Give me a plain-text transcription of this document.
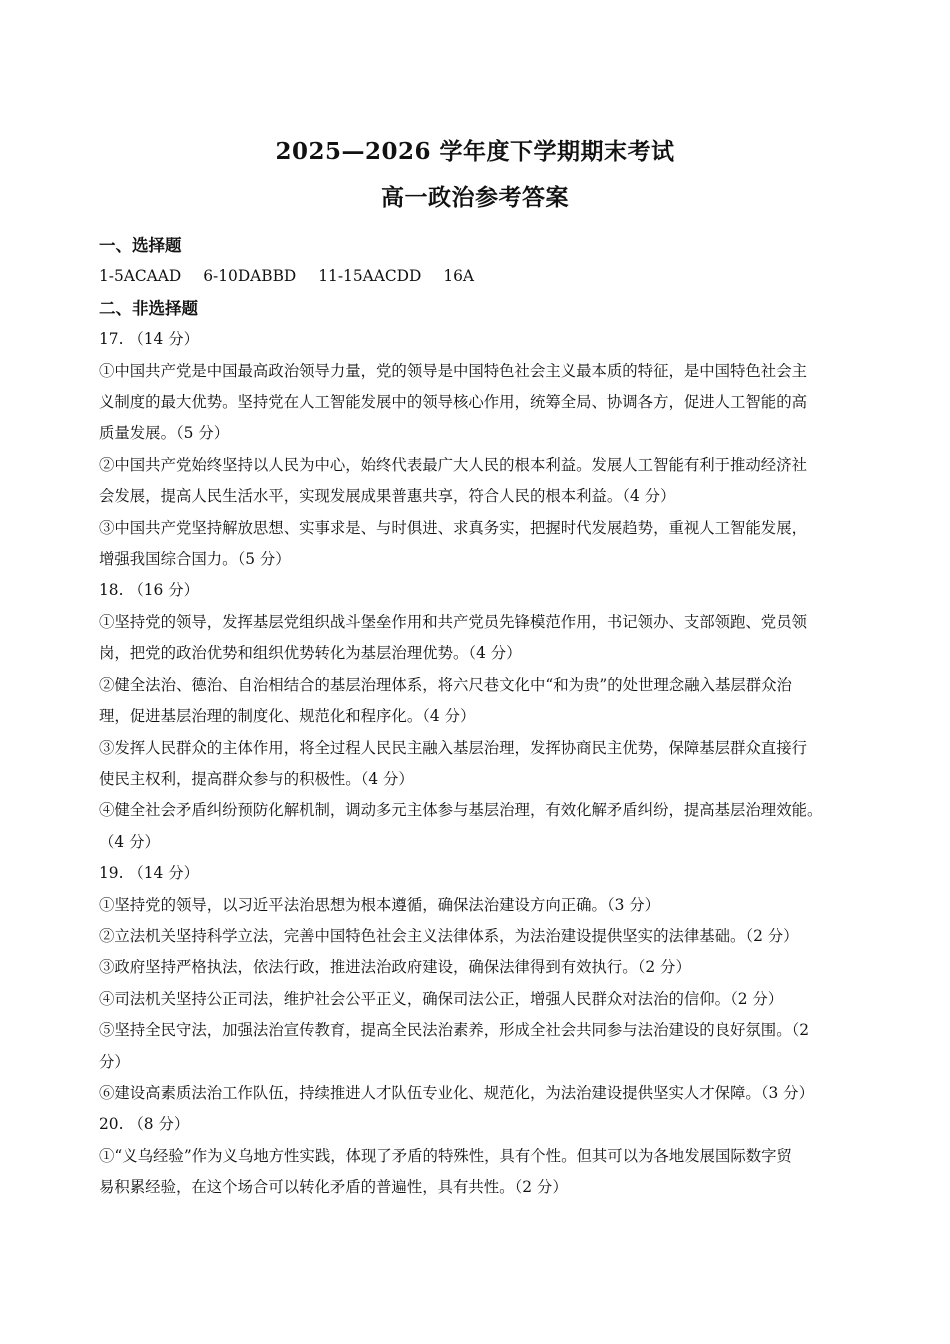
2025—2026 学年度下学期期末考试
高一政治参考答案
一、选择题
1-5ACAAD 6-10DABBD 11-15AACDD 16A
二、非选择题
17. （14 分）
①中国共产党是中国最高政治领导力量，党的领导是中国特色社会主义最本质的特征，是中国特色社会主
义制度的最大优势。坚持党在人工智能发展中的领导核心作用，统筹全局、协调各方，促进人工智能的高
质量发展。（5 分）
②中国共产党始终坚持以人民为中心，始终代表最广大人民的根本利益。发展人工智能有利于推动经济社
会发展，提高人民生活水平，实现发展成果普惠共享，符合人民的根本利益。（4 分）
③中国共产党坚持解放思想、实事求是、与时俱进、求真务实，把握时代发展趋势，重视人工智能发展，
增强我国综合国力。（5 分）
18. （16 分）
①坚持党的领导，发挥基层党组织战斗堡垒作用和共产党员先锋模范作用，书记领办、支部领跑、党员领
岗，把党的政治优势和组织优势转化为基层治理优势。（4 分）
②健全法治、德治、自治相结合的基层治理体系，将六尺巷文化中“和为贵”的处世理念融入基层群众治
理，促进基层治理的制度化、规范化和程序化。（4 分）
③发挥人民群众的主体作用，将全过程人民民主融入基层治理，发挥协商民主优势，保障基层群众直接行
使民主权利，提高群众参与的积极性。（4 分）
④健全社会矛盾纠纷预防化解机制，调动多元主体参与基层治理，有效化解矛盾纠纷，提高基层治理效能。
（4 分）
19. （14 分）
①坚持党的领导，以习近平法治思想为根本遵循，确保法治建设方向正确。（3 分）
②立法机关坚持科学立法，完善中国特色社会主义法律体系，为法治建设提供坚实的法律基础。（2 分）
③政府坚持严格执法，依法行政，推进法治政府建设，确保法律得到有效执行。（2 分）
④司法机关坚持公正司法，维护社会公平正义，确保司法公正，增强人民群众对法治的信仰。（2 分）
⑤坚持全民守法，加强法治宣传教育，提高全民法治素养，形成全社会共同参与法治建设的良好氛围。（2
分）
⑥建设高素质法治工作队伍，持续推进人才队伍专业化、规范化，为法治建设提供坚实人才保障。（3 分）
20. （8 分）
①“义乌经验”作为义乌地方性实践，体现了矛盾的特殊性，具有个性。但其可以为各地发展国际数字贸
易积累经验，在这个场合可以转化矛盾的普遍性，具有共性。（2 分）
